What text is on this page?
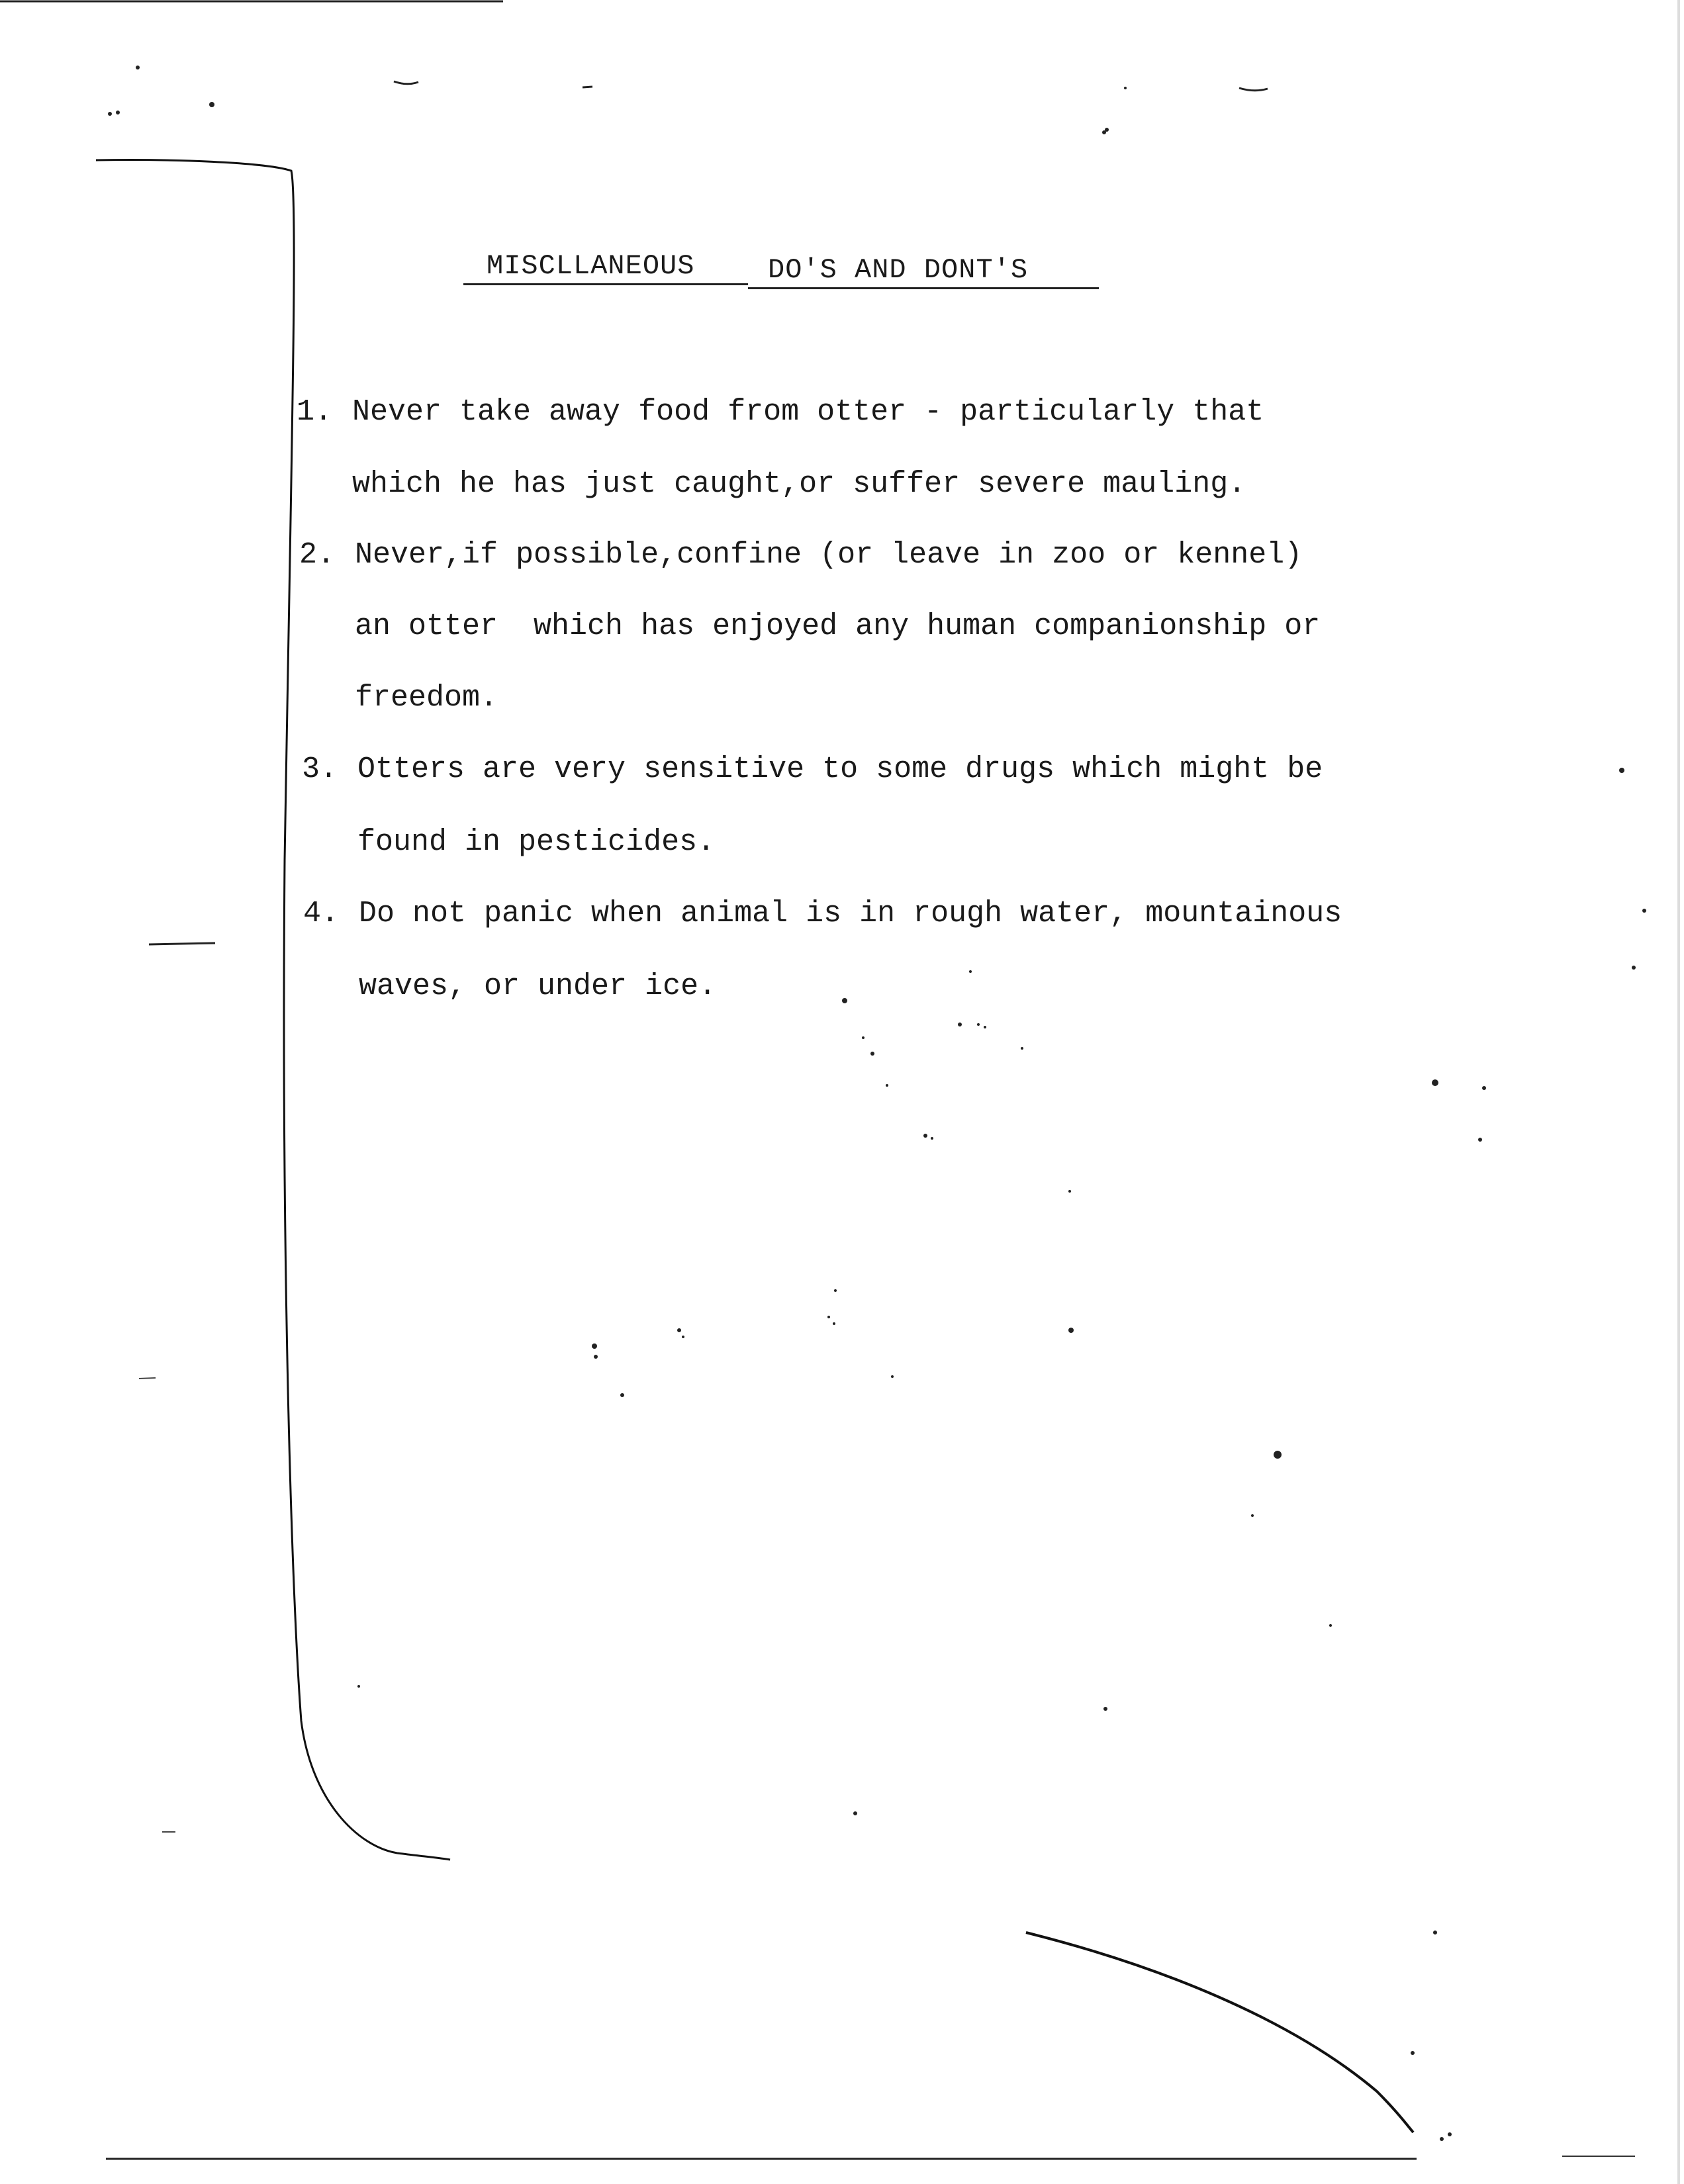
MISCLLANEOUS	DO'S AND DONT'S
1. Never take away food from otter - particularly that
which he has just caught,or suffer severe mauling.
2. Never,if possible,confine (or leave in zoo or kennel)
an otter  which has enjoyed any human companionship or
freedom.
3. Otters are very sensitive to some drugs which might be
found in pesticides.
4. Do not panic when animal is in rough water, mountainous
waves, or under ice.
